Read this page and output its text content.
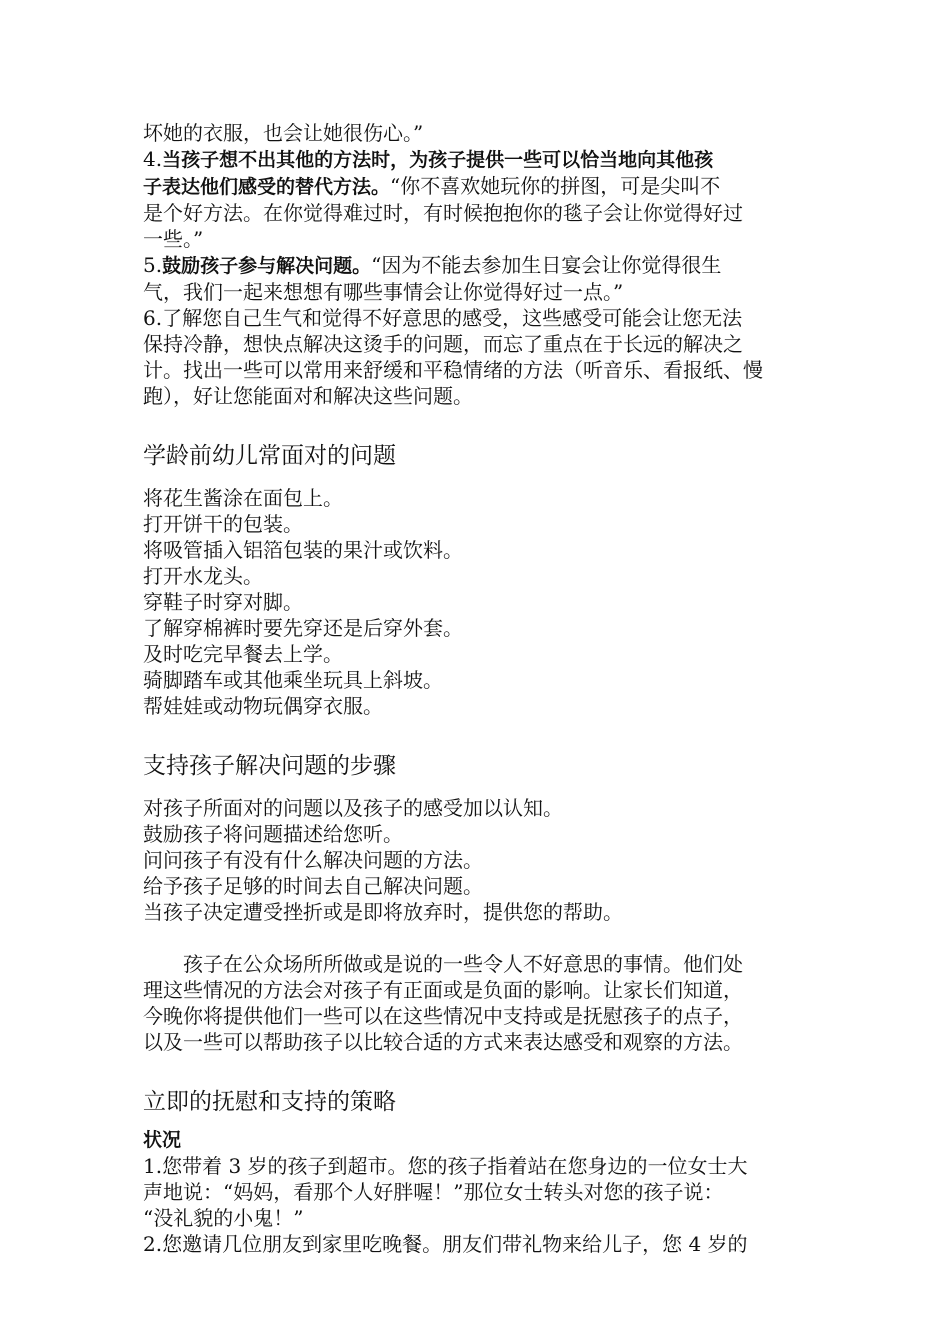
坏她的衣服，也会让她很伤心。”

4.当孩子想不出其他的方法时，为孩子提供一些可以恰当地向其他孩

子表达他们感受的替代方法。“你不喜欢她玩你的拼图，可是尖叫不

是个好方法。在你觉得难过时，有时候抱抱你的毯子会让你觉得好过

一些。”

5.鼓励孩子参与解决问题。“因为不能去参加生日宴会让你觉得很生

气，我们一起来想想有哪些事情会让你觉得好过一点。”

6.了解您自己生气和觉得不好意思的感受，这些感受可能会让您无法

保持冷静，想快点解决这烫手的问题，而忘了重点在于长远的解决之

计。找出一些可以常用来舒缓和平稳情绪的方法（听音乐、看报纸、慢

跑），好让您能面对和解决这些问题。

学龄前幼儿常面对的问题

将花生酱涂在面包上。

打开饼干的包装。

将吸管插入铝箔包装的果汁或饮料。

打开水龙头。

穿鞋子时穿对脚。

了解穿棉裤时要先穿还是后穿外套。

及时吃完早餐去上学。

骑脚踏车或其他乘坐玩具上斜坡。

帮娃娃或动物玩偶穿衣服。

支持孩子解决问题的步骤

对孩子所面对的问题以及孩子的感受加以认知。

鼓励孩子将问题描述给您听。

问问孩子有没有什么解决问题的方法。

给予孩子足够的时间去自己解决问题。

当孩子决定遭受挫折或是即将放弃时，提供您的帮助。

孩子在公众场所所做或是说的一些令人不好意思的事情。他们处

理这些情况的方法会对孩子有正面或是负面的影响。让家长们知道，

今晚你将提供他们一些可以在这些情况中支持或是抚慰孩子的点子，

以及一些可以帮助孩子以比较合适的方式来表达感受和观察的方法。

立即的抚慰和支持的策略

状况

1.您带着 3 岁的孩子到超市。您的孩子指着站在您身边的一位女士大

声地说：“妈妈，看那个人好胖喔！”那位女士转头对您的孩子说：

“没礼貌的小鬼！”

2.您邀请几位朋友到家里吃晚餐。朋友们带礼物来给儿子，您 4 岁的
